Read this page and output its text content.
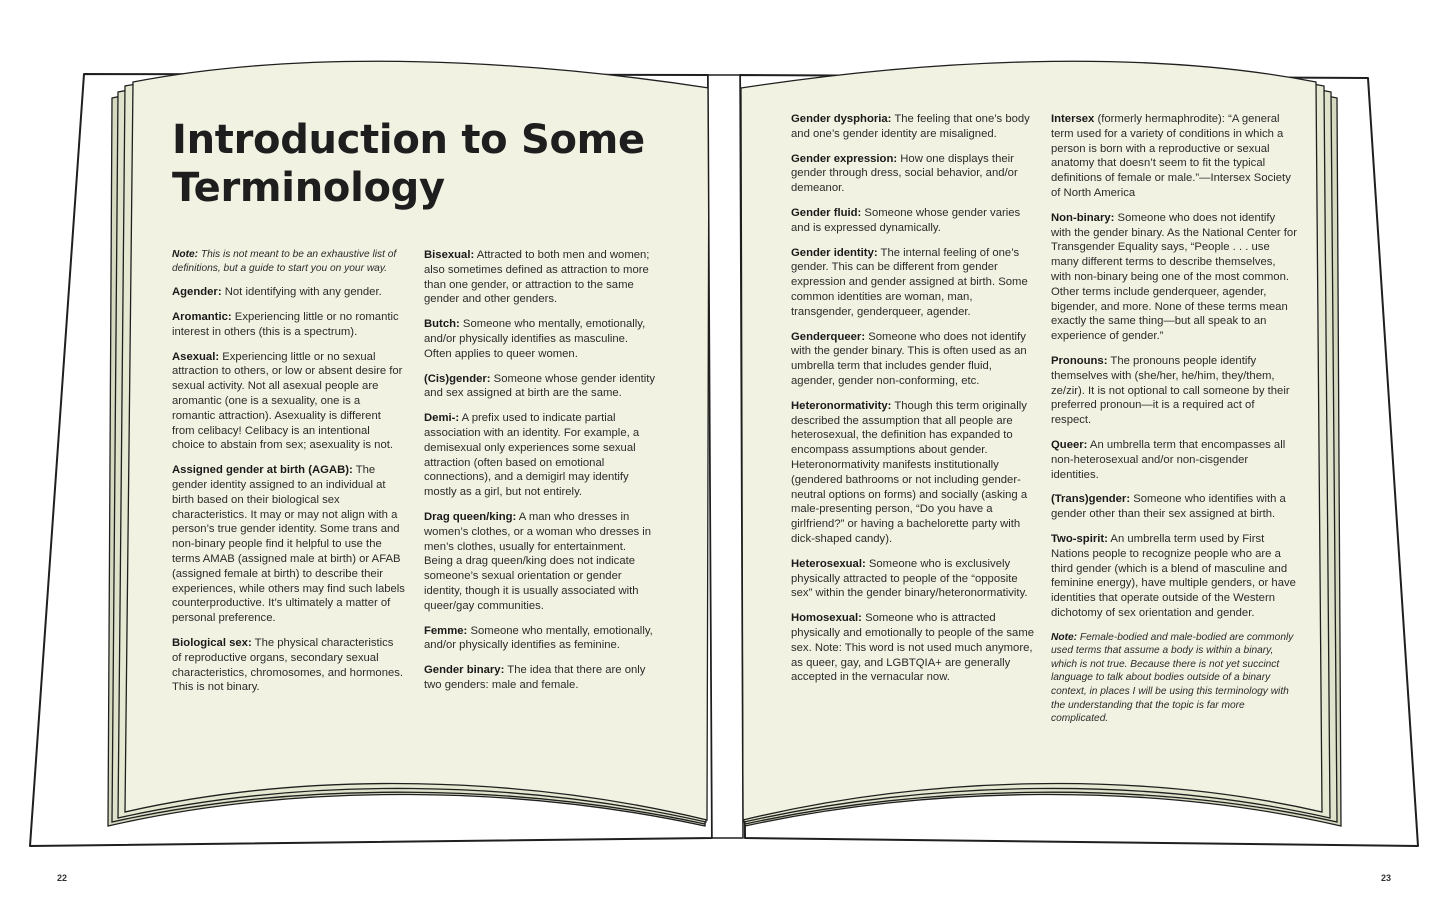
Introduction to Some Terminology

Note: This is not meant to be an exhaustive list of definitions, but a guide to start you on your way.

Agender: Not identifying with any gender.

Aromantic: Experiencing little or no romantic interest in others (this is a spectrum).

Asexual: Experiencing little or no sexual attraction to others, or low or absent desire for sexual activity. Not all asexual people are aromantic (one is a sexuality, one is a romantic attraction). Asexuality is different from celibacy! Celibacy is an intentional choice to abstain from sex; asexuality is not.

Assigned gender at birth (AGAB): The gender identity assigned to an individual at birth based on their biological sex characteristics. It may or may not align with a person’s true gender identity. Some trans and non-binary people find it helpful to use the terms AMAB (assigned male at birth) or AFAB (assigned female at birth) to describe their experiences, while others may find such labels counterproductive. It’s ultimately a matter of personal preference.

Biological sex: The physical characteristics of reproductive organs, secondary sexual characteristics, chromosomes, and hormones. This is not binary.

Bisexual: Attracted to both men and women; also sometimes defined as attraction to more than one gender, or attraction to the same gender and other genders.

Butch: Someone who mentally, emotionally, and/or physically identifies as masculine. Often applies to queer women.

(Cis)gender: Someone whose gender identity and sex assigned at birth are the same.

Demi-: A prefix used to indicate partial association with an identity. For example, a demisexual only experiences some sexual attraction (often based on emotional connections), and a demigirl may identify mostly as a girl, but not entirely.

Drag queen/king: A man who dresses in women’s clothes, or a woman who dresses in men’s clothes, usually for entertainment. Being a drag queen/king does not indicate someone’s sexual orientation or gender identity, though it is usually associated with queer/gay communities.

Femme: Someone who mentally, emotionally, and/or physically identifies as feminine.

Gender binary: The idea that there are only two genders: male and female.

Gender dysphoria: The feeling that one’s body and one’s gender identity are misaligned.

Gender expression: How one displays their gender through dress, social behavior, and/or demeanor.

Gender fluid: Someone whose gender varies and is expressed dynamically.

Gender identity: The internal feeling of one’s gender. This can be different from gender expression and gender assigned at birth. Some common identities are woman, man, transgender, genderqueer, agender.

Genderqueer: Someone who does not identify with the gender binary. This is often used as an umbrella term that includes gender fluid, agender, gender non-conforming, etc.

Heteronormativity: Though this term originally described the assumption that all people are heterosexual, the definition has expanded to encompass assumptions about gender. Heteronormativity manifests institutionally (gendered bathrooms or not including gender-neutral options on forms) and socially (asking a male-presenting person, “Do you have a girlfriend?” or having a bachelorette party with dick-shaped candy).

Heterosexual: Someone who is exclusively physically attracted to people of the “opposite sex” within the gender binary/heteronormativity.

Homosexual: Someone who is attracted physically and emotionally to people of the same sex. Note: This word is not used much anymore, as queer, gay, and LGBTQIA+ are generally accepted in the vernacular now.

Intersex (formerly hermaphrodite): “A general term used for a variety of conditions in which a person is born with a reproductive or sexual anatomy that doesn’t seem to fit the typical definitions of female or male.”—Intersex Society of North America

Non-binary: Someone who does not identify with the gender binary. As the National Center for Transgender Equality says, “People . . . use many different terms to describe themselves, with non-binary being one of the most common. Other terms include genderqueer, agender, bigender, and more. None of these terms mean exactly the same thing—but all speak to an experience of gender.”

Pronouns: The pronouns people identify themselves with (she/her, he/him, they/them, ze/zir). It is not optional to call someone by their preferred pronoun—it is a required act of respect.

Queer: An umbrella term that encompasses all non-heterosexual and/or non-cisgender identities.

(Trans)gender: Someone who identifies with a gender other than their sex assigned at birth.

Two-spirit: An umbrella term used by First Nations people to recognize people who are a third gender (which is a blend of masculine and feminine energy), have multiple genders, or have identities that operate outside of the Western dichotomy of sex orientation and gender.

Note: Female-bodied and male-bodied are commonly used terms that assume a body is within a binary, which is not true. Because there is not yet succinct language to talk about bodies outside of a binary context, in places I will be using this terminology with the understanding that the topic is far more complicated.

22	23
